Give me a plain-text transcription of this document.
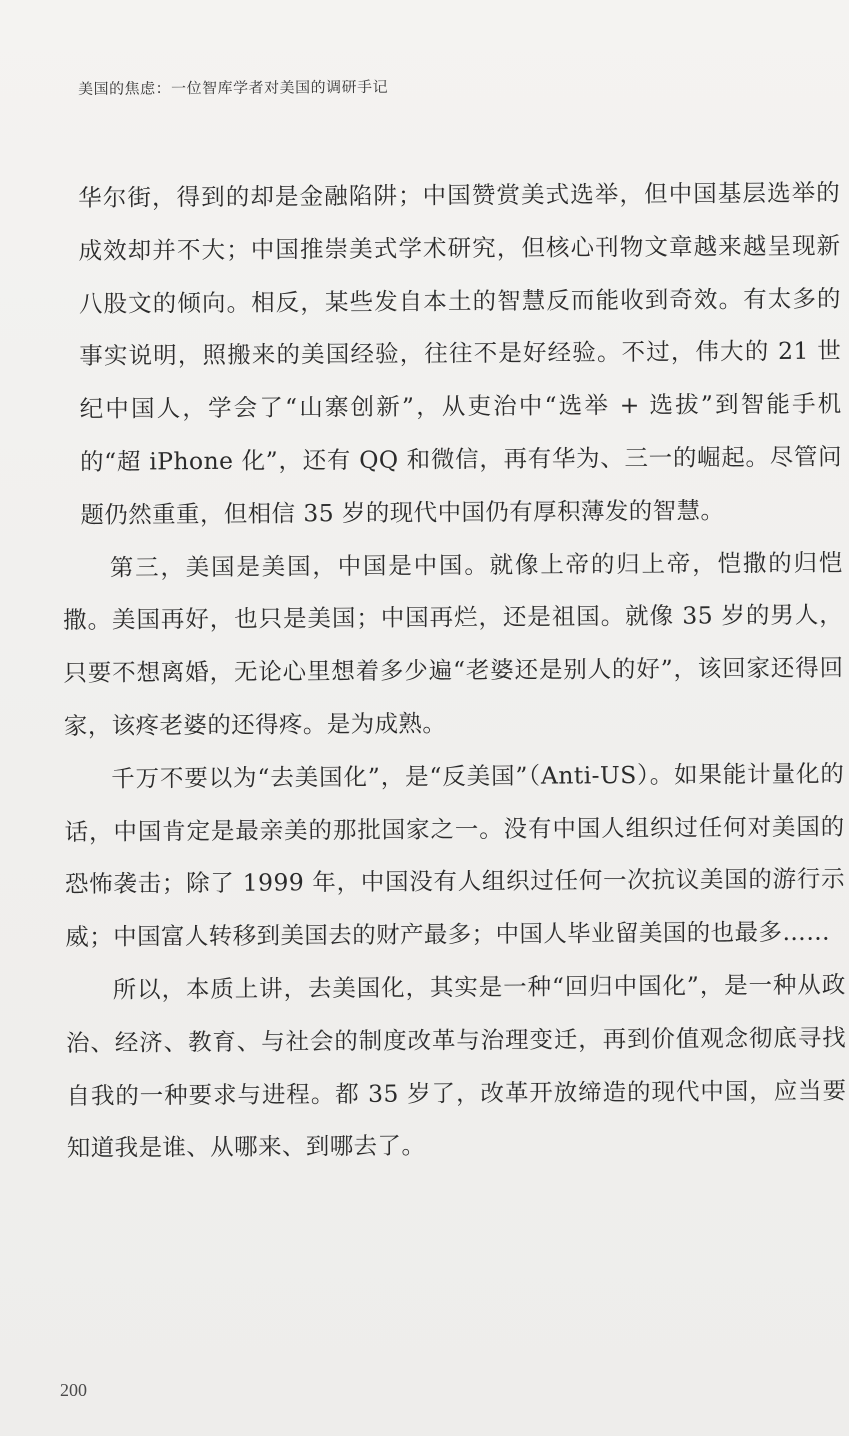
美国的焦虑：一位智库学者对美国的调研手记

华尔街，得到的却是金融陷阱；中国赞赏美式选举，但中国基层选举的成效却并不大；中国推崇美式学术研究，但核心刊物文章越来越呈现新八股文的倾向。相反，某些发自本土的智慧反而能收到奇效。有太多的事实说明，照搬来的美国经验，往往不是好经验。不过，伟大的 21 世纪中国人，学会了“山寨创新”，从吏治中“选举 + 选拔”到智能手机的“超 iPhone 化”，还有 QQ 和微信，再有华为、三一的崛起。尽管问题仍然重重，但相信 35 岁的现代中国仍有厚积薄发的智慧。

第三，美国是美国，中国是中国。就像上帝的归上帝，恺撒的归恺撒。美国再好，也只是美国；中国再烂，还是祖国。就像 35 岁的男人，只要不想离婚，无论心里想着多少遍“老婆还是别人的好”，该回家还得回家，该疼老婆的还得疼。是为成熟。

千万不要以为“去美国化”，是“反美国”（Anti-US）。如果能计量化的话，中国肯定是最亲美的那批国家之一。没有中国人组织过任何对美国的恐怖袭击；除了 1999 年，中国没有人组织过任何一次抗议美国的游行示威；中国富人转移到美国去的财产最多；中国人毕业留美国的也最多……

所以，本质上讲，去美国化，其实是一种“回归中国化”，是一种从政治、经济、教育、与社会的制度改革与治理变迁，再到价值观念彻底寻找自我的一种要求与进程。都 35 岁了，改革开放缔造的现代中国，应当要知道我是谁、从哪来、到哪去了。

200
